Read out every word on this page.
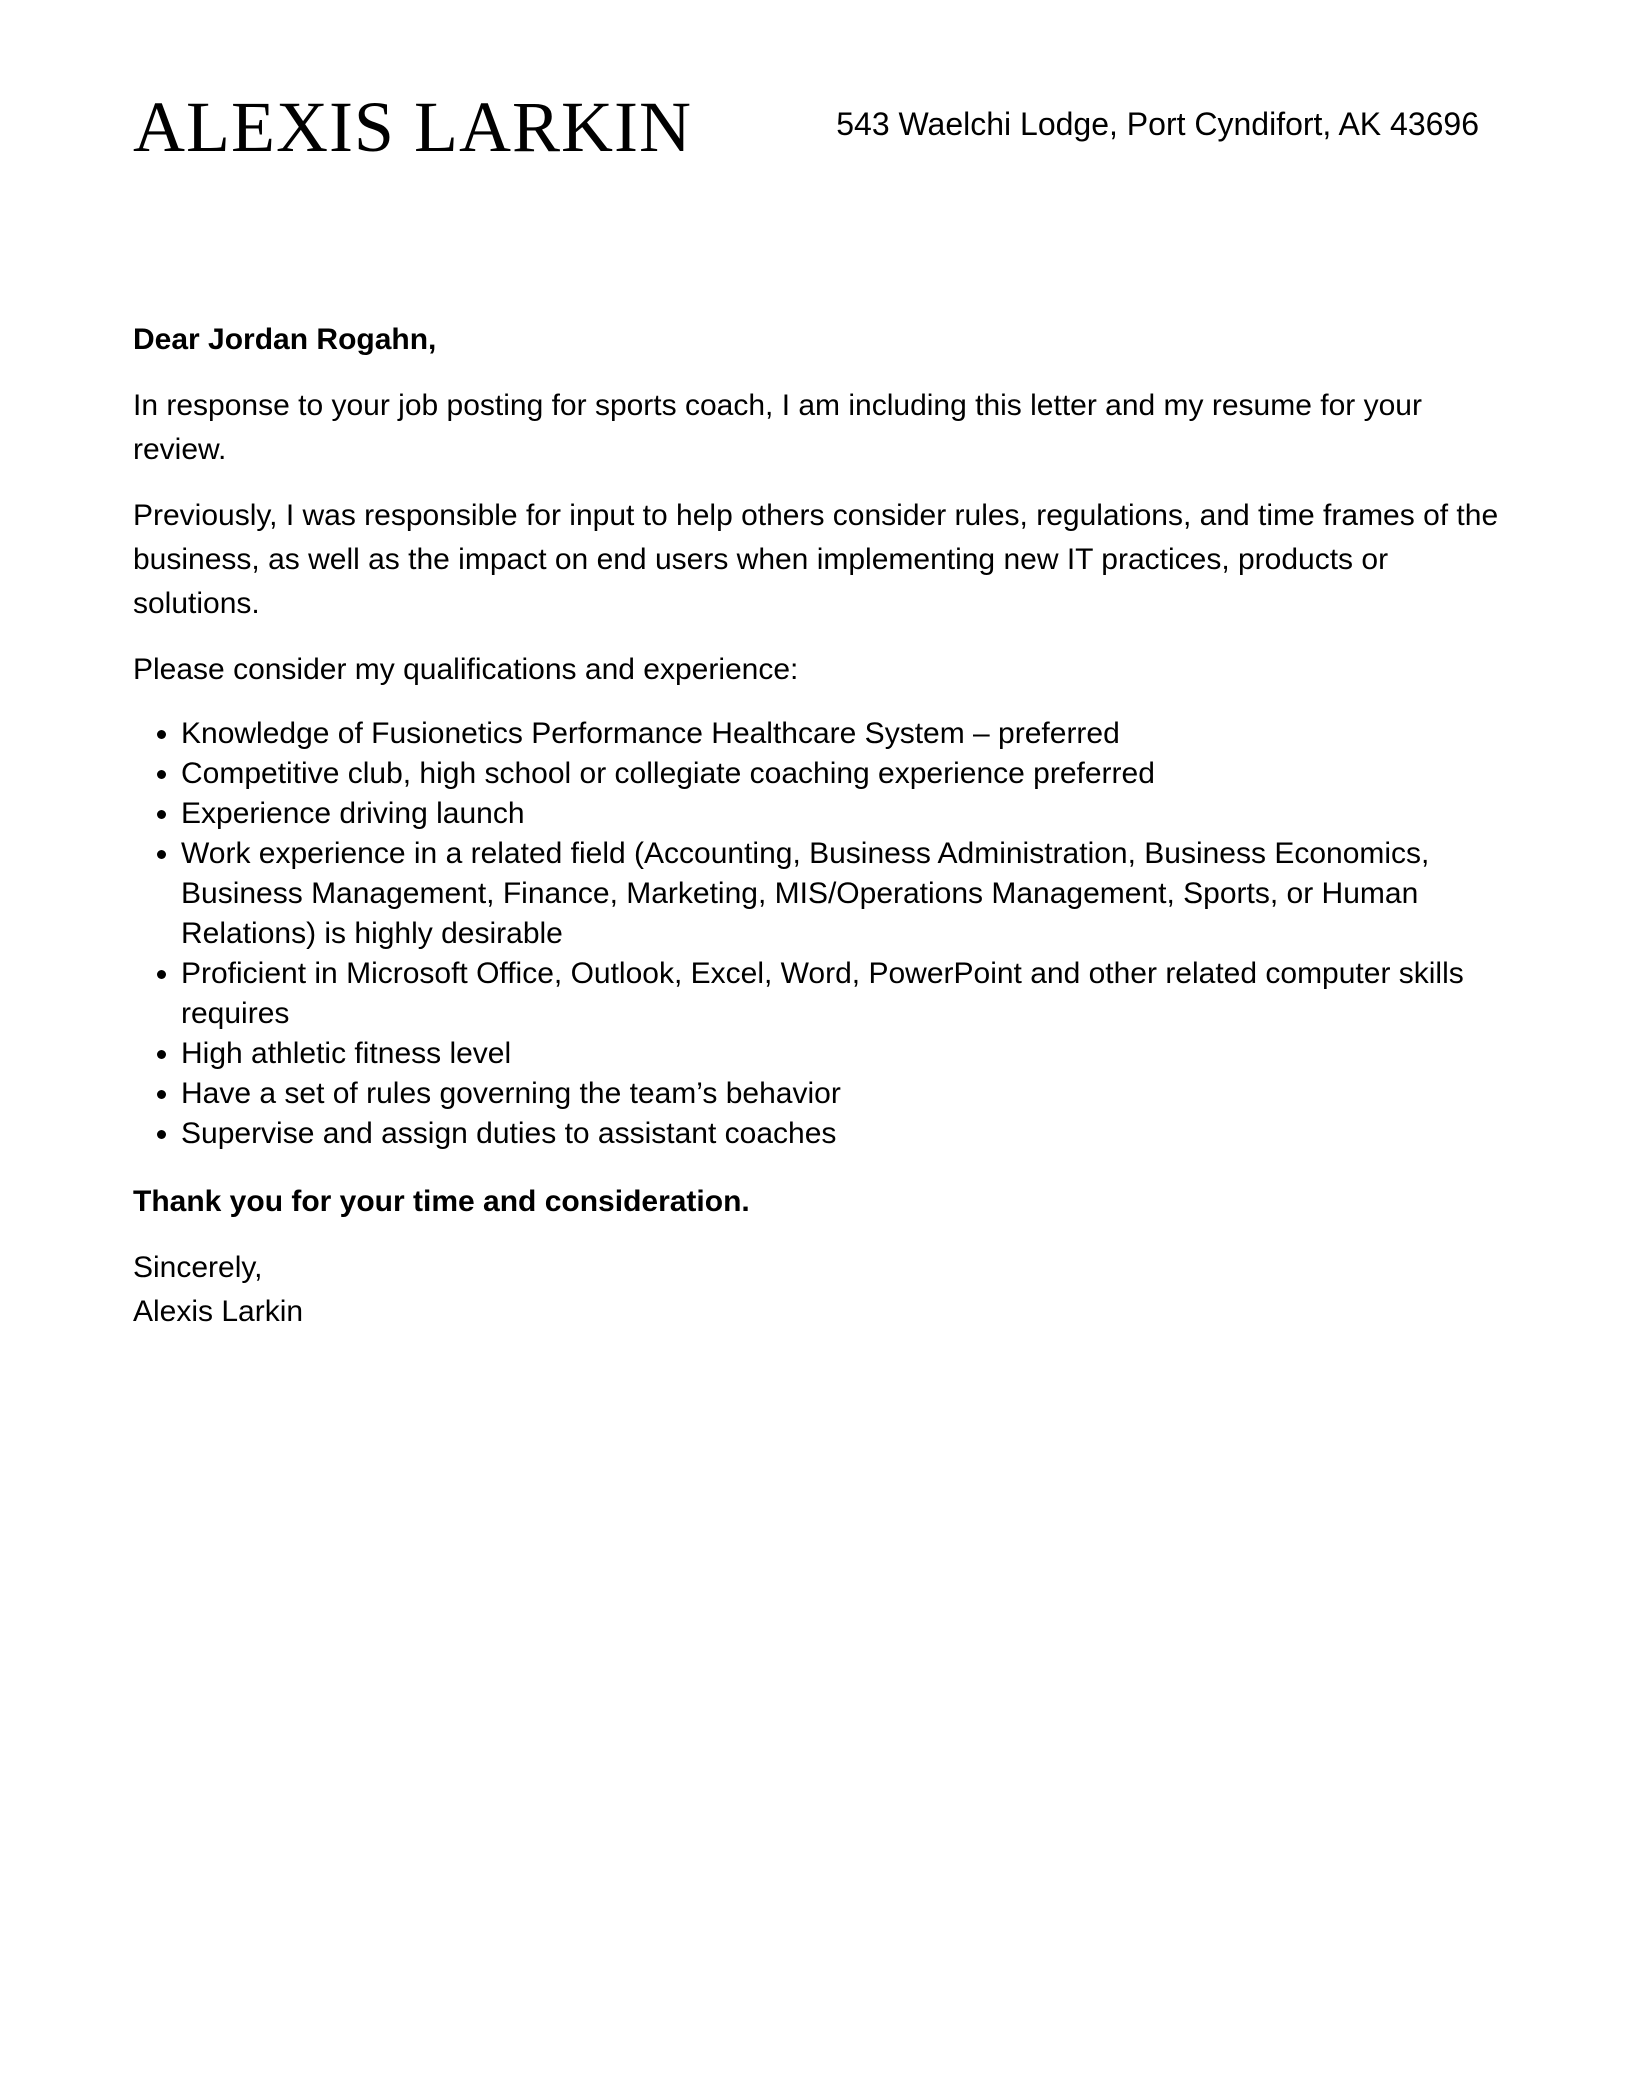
ALEXIS LARKIN	543 Waelchi Lodge, Port Cyndifort, AK 43696

Dear Jordan Rogahn,

In response to your job posting for sports coach, I am including this letter and my resume for your review.

Previously, I was responsible for input to help others consider rules, regulations, and time frames of the business, as well as the impact on end users when implementing new IT practices, products or solutions.

Please consider my qualifications and experience:

• Knowledge of Fusionetics Performance Healthcare System – preferred
• Competitive club, high school or collegiate coaching experience preferred
• Experience driving launch
• Work experience in a related field (Accounting, Business Administration, Business Economics, Business Management, Finance, Marketing, MIS/Operations Management, Sports, or Human Relations) is highly desirable
• Proficient in Microsoft Office, Outlook, Excel, Word, PowerPoint and other related computer skills requires
• High athletic fitness level
• Have a set of rules governing the team’s behavior
• Supervise and assign duties to assistant coaches

Thank you for your time and consideration.

Sincerely,

Alexis Larkin
